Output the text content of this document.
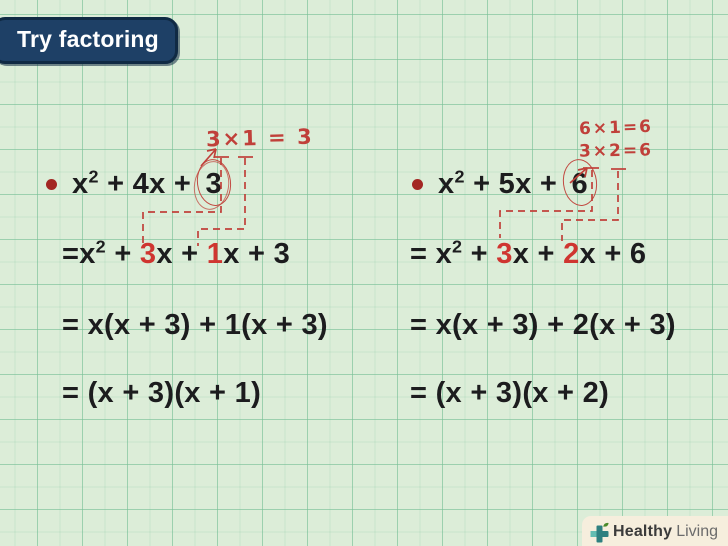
Try factoring
3×1 = 3	6×1=6
3×2=6
$x^2 + 4x + 3$
$=x^2 + 3x + 1x + 3$
= x(x + 3) + 1(x + 3)
= (x + 3)(x + 1)
$x^2 + 5x + 6$
= $x^2 + 3x + 2x + 6$
= x(x + 3) + 2(x + 3)
= (x + 3)(x + 2)
Healthy Living
